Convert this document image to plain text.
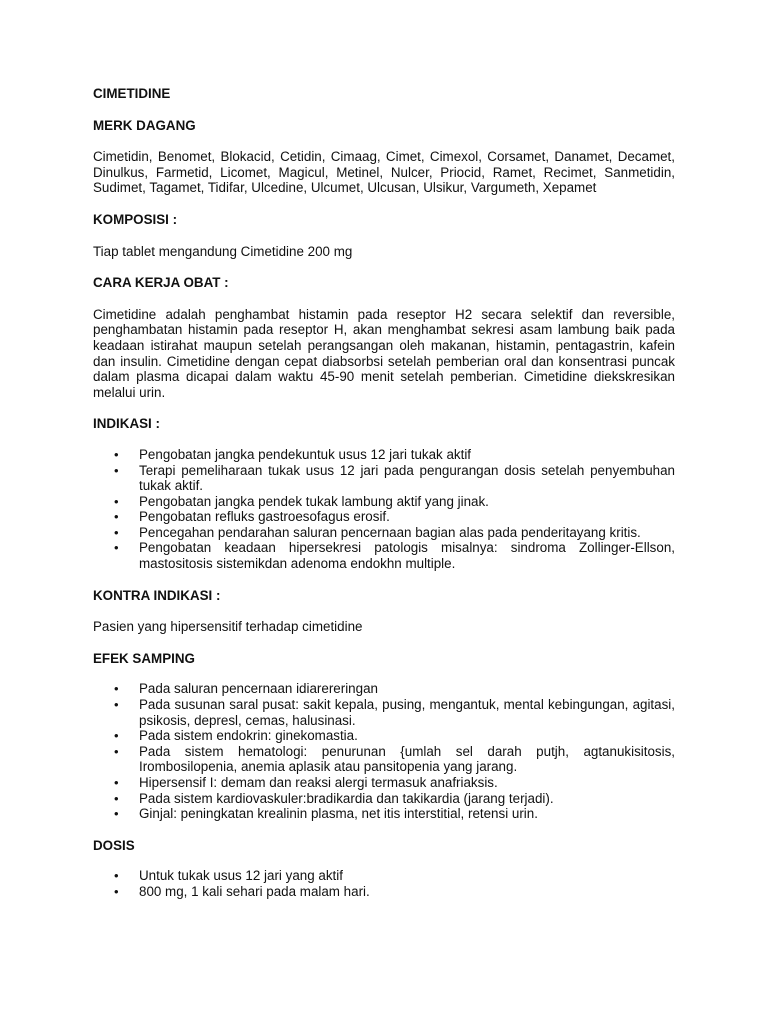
CIMETIDINE
MERK DAGANG

Cimetidin, Benomet, Blokacid, Cetidin, Cimaag, Cimet, Cimexol, Corsamet, Danamet, Decamet, Dinulkus, Farmetid, Licomet, Magicul, Metinel, Nulcer, Priocid, Ramet, Recimet, Sanmetidin, Sudimet, Tagamet, Tidifar, Ulcedine, Ulcumet, Ulcusan, Ulsikur, Vargumeth, Xepamet

KOMPOSISI :

Tiap tablet mengandung Cimetidine 200 mg

CARA KERJA OBAT :

Cimetidine adalah penghambat histamin pada reseptor H2 secara selektif dan reversible, penghambatan histamin pada reseptor H, akan menghambat sekresi asam lambung baik pada keadaan istirahat maupun setelah perangsangan oleh makanan, histamin, pentagastrin, kafein dan insulin. Cimetidine dengan cepat diabsorbsi setelah pemberian oral dan konsentrasi puncak dalam plasma dicapai dalam waktu 45-90 menit setelah pemberian. Cimetidine diekskresikan melalui urin.

INDIKASI :
• Pengobatan jangka pendekuntuk usus 12 jari tukak aktif
• Terapi pemeliharaan tukak usus 12 jari pada pengurangan dosis setelah penyembuhan tukak aktif.
• Pengobatan jangka pendek tukak lambung aktif yang jinak.
• Pengobatan refluks gastroesofagus erosif.
• Pencegahan pendarahan saluran pencernaan bagian alas pada penderitayang kritis.
• Pengobatan keadaan hipersekresi patologis misalnya: sindroma Zollinger-Ellson, mastositosis sistemikdan adenoma endokhn multiple.
KONTRA INDIKASI :

Pasien yang hipersensitif terhadap cimetidine

EFEK SAMPING
• Pada saluran pencernaan idiarereringan
• Pada susunan saral pusat: sakit kepala, pusing, mengantuk, mental kebingungan, agitasi, psikosis, depresl, cemas, halusinasi.
• Pada sistem endokrin: ginekomastia.
• Pada sistem hematologi: penurunan {umlah sel darah putjh, agtanukisitosis, Irombosilopenia, anemia aplasik atau pansitopenia yang jarang.
• Hipersensif I: demam dan reaksi alergi termasuk anafriaksis.
• Pada sistem kardiovaskuler:bradikardia dan takikardia (jarang terjadi).
• Ginjal: peningkatan krealinin plasma, net itis interstitial, retensi urin.
DOSIS
• Untuk tukak usus 12 jari yang aktif
• 800 mg, 1 kali sehari pada malam hari.
